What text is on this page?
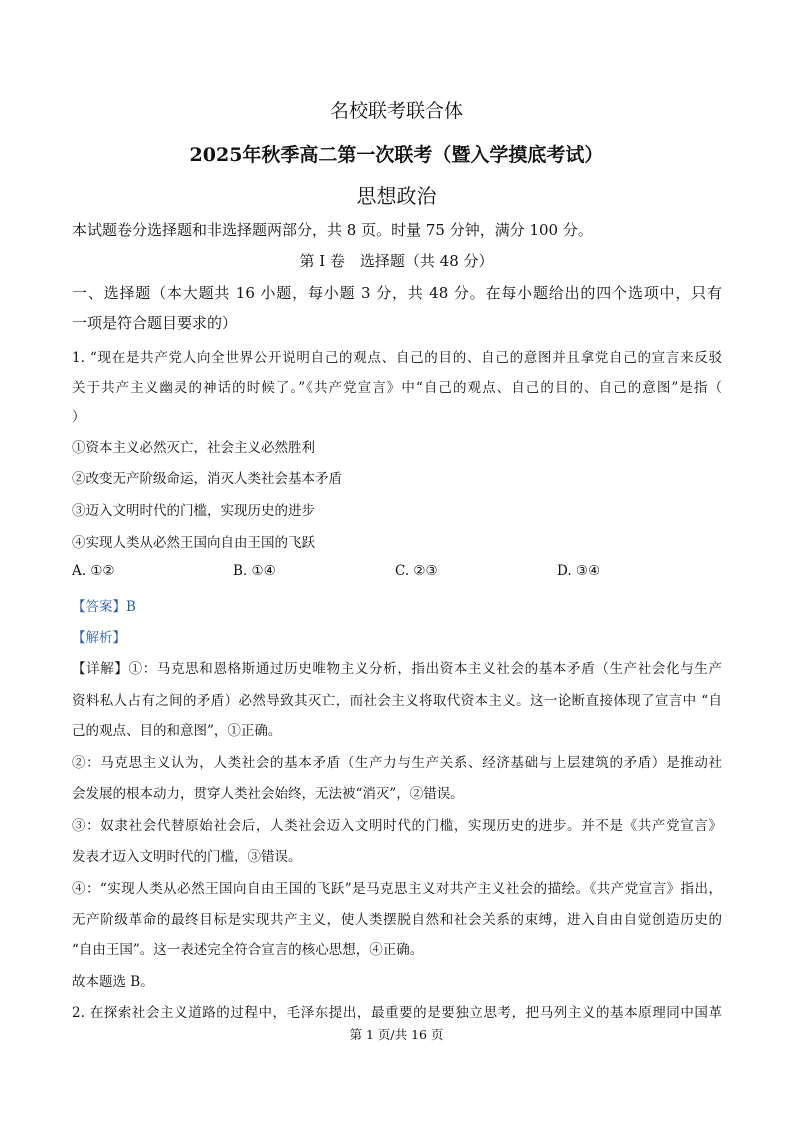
名校联考联合体
2025年秋季高二第一次联考（暨入学摸底考试）
思想政治
本试题卷分选择题和非选择题两部分，共 8 页。时量 75 分钟，满分 100 分。
第 I 卷　选择题（共 48 分）
一、选择题（本大题共 16 小题，每小题 3 分，共 48 分。在每小题给出的四个选项中，只有
一项是符合题目要求的）
1. “现在是共产党人向全世界公开说明自己的观点、自己的目的、自己的意图并且拿党自己的宣言来反驳
关于共产主义幽灵的神话的时候了。”《共产党宣言》中“自己的观点、自己的目的、自己的意图”是指（
）
①资本主义必然灭亡，社会主义必然胜利
②改变无产阶级命运，消灭人类社会基本矛盾
③迈入文明时代的门槛，实现历史的进步
④实现人类从必然王国向自由王国的飞跃
A. ①②	B. ①④	C. ②③	D. ③④
【答案】B
【解析】
【详解】①：马克思和恩格斯通过历史唯物主义分析，指出资本主义社会的基本矛盾（生产社会化与生产
资料私人占有之间的矛盾）必然导致其灭亡，而社会主义将取代资本主义。这一论断直接体现了宣言中 “自
己的观点、目的和意图”，①正确。
②：马克思主义认为，人类社会的基本矛盾（生产力与生产关系、经济基础与上层建筑的矛盾）是推动社
会发展的根本动力，贯穿人类社会始终，无法被“消灭”，②错误。
③：奴隶社会代替原始社会后，人类社会迈入文明时代的门槛，实现历史的进步。并不是《共产党宣言》
发表才迈入文明时代的门槛，③错误。
④：“实现人类从必然王国向自由王国的飞跃”是马克思主义对共产主义社会的描绘。《共产党宣言》指出，
无产阶级革命的最终目标是实现共产主义，使人类摆脱自然和社会关系的束缚，进入自由自觉创造历史的
“自由王国”。这一表述完全符合宣言的核心思想，④正确。
故本题选 B。
2. 在探索社会主义道路的过程中，毛泽东提出，最重要的是要独立思考，把马列主义的基本原理同中国革
第 1 页/共 16 页
